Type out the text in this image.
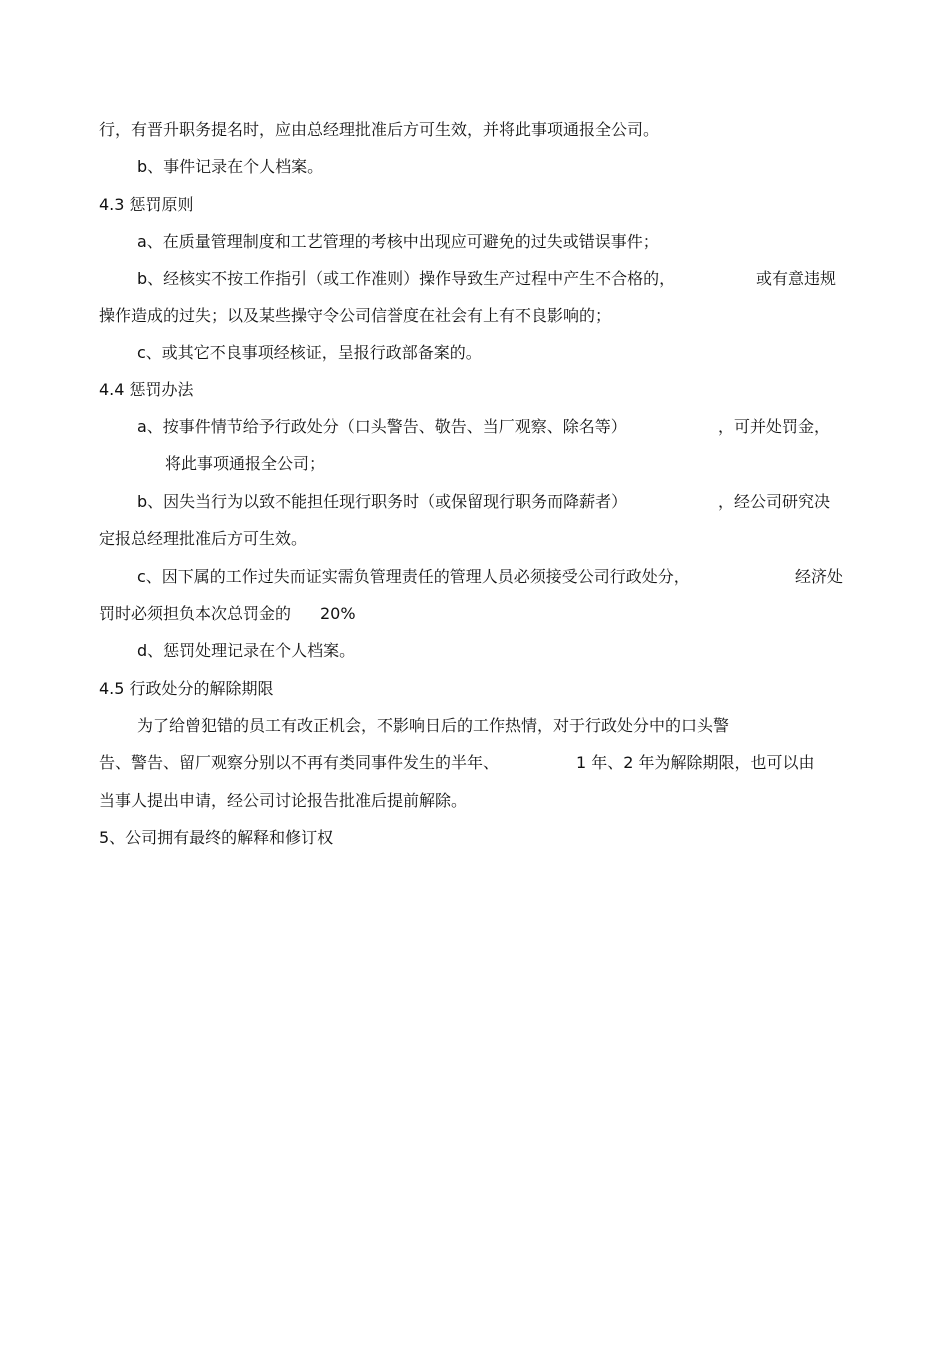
行，有晋升职务提名时，应由总经理批准后方可生效，并将此事项通报全公司。
b、事件记录在个人档案。
4.3 惩罚原则
a、在质量管理制度和工艺管理的考核中出现应可避免的过失或错误事件；
b、经核实不按工作指引（或工作准则）操作导致生产过程中产生不合格的，	或有意违规
操作造成的过失；以及某些操守令公司信誉度在社会有上有不良影响的；
c、或其它不良事项经核证，呈报行政部备案的。
4.4 惩罚办法
a、按事件情节给予行政处分（口头警告、敬告、当厂观察、除名等）	，可并处罚金，
将此事项通报全公司；
b、因失当行为以致不能担任现行职务时（或保留现行职务而降薪者）	，经公司研究决
定报总经理批准后方可生效。
c、因下属的工作过失而证实需负管理责任的管理人员必须接受公司行政处分，	经济处
罚时必须担负本次总罚金的 20%
d、惩罚处理记录在个人档案。
4.5 行政处分的解除期限
为了给曾犯错的员工有改正机会，不影响日后的工作热情，对于行政处分中的口头警
告、警告、留厂观察分别以不再有类同事件发生的半年、	1 年、2 年为解除期限，也可以由
当事人提出申请，经公司讨论报告批准后提前解除。
5、公司拥有最终的解释和修订权
